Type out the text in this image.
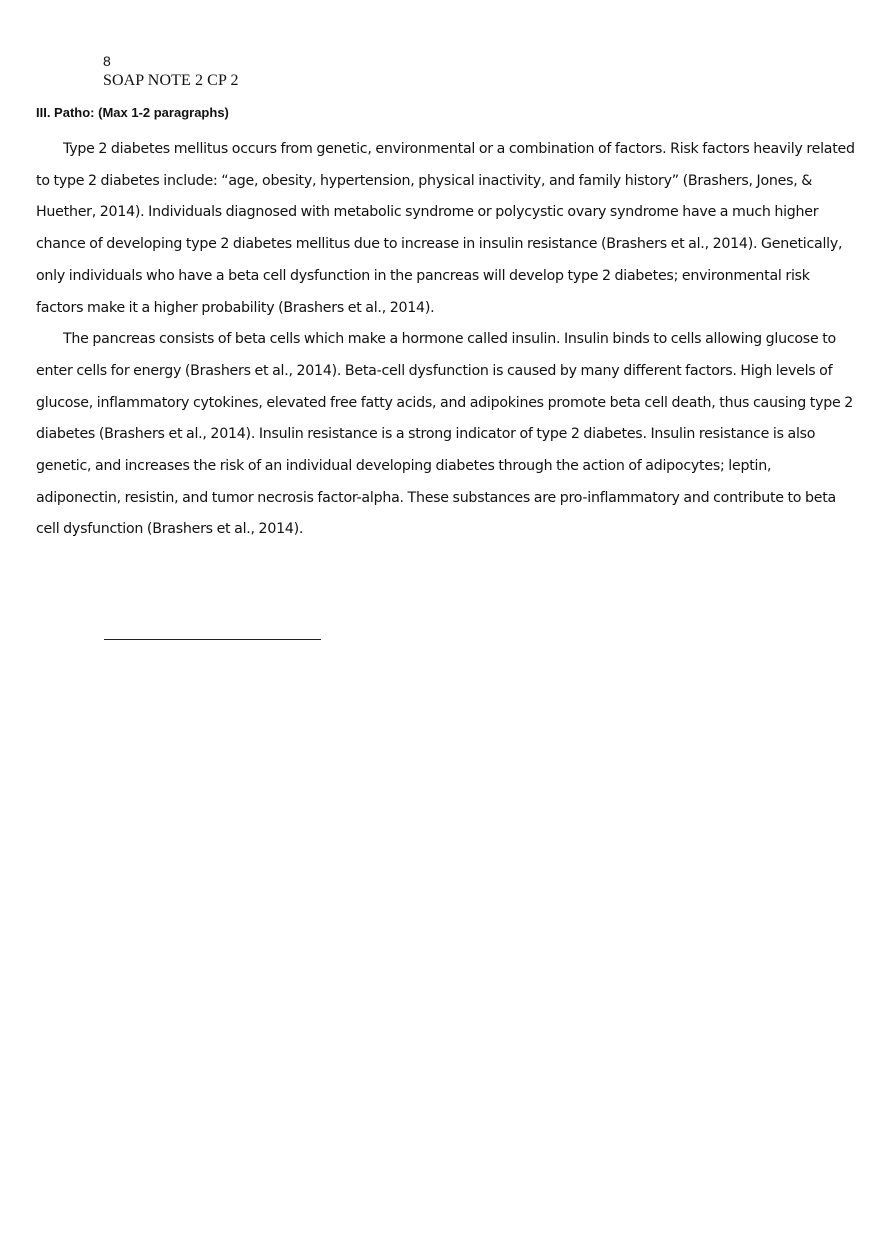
8
SOAP NOTE 2 CP 2
III. Patho: (Max 1-2 paragraphs)

Type 2 diabetes mellitus occurs from genetic, environmental or a combination of factors. Risk factors heavily related to type 2 diabetes include: “age, obesity, hypertension, physical inactivity, and family history” (Brashers, Jones, & Huether, 2014). Individuals diagnosed with metabolic syndrome or polycystic ovary syndrome have a much higher chance of developing type 2 diabetes mellitus due to increase in insulin resistance (Brashers et al., 2014). Genetically, only individuals who have a beta cell dysfunction in the pancreas will develop type 2 diabetes; environmental risk factors make it a higher probability (Brashers et al., 2014).

The pancreas consists of beta cells which make a hormone called insulin. Insulin binds to cells allowing glucose to enter cells for energy (Brashers et al., 2014). Beta-cell dysfunction is caused by many different factors. High levels of glucose, inflammatory cytokines, elevated free fatty acids, and adipokines promote beta cell death, thus causing type 2 diabetes (Brashers et al., 2014). Insulin resistance is a strong indicator of type 2 diabetes. Insulin resistance is also genetic, and increases the risk of an individual developing diabetes through the action of adipocytes; leptin, adiponectin, resistin, and tumor necrosis factor-alpha. These substances are pro-inflammatory and contribute to beta cell dysfunction (Brashers et al., 2014).
